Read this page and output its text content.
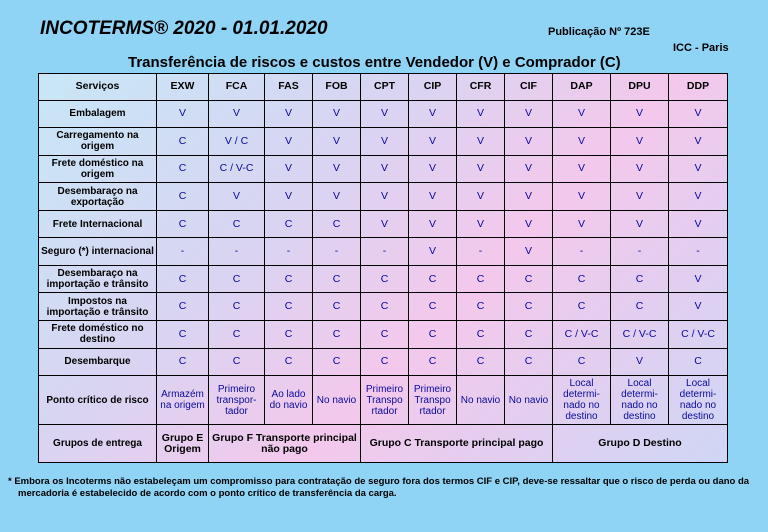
INCOTERMS® 2020 - 01.01.2020	Publicação Nº 723E
ICC - Paris
Transferência de riscos e custos entre Vendedor (V) e Comprador (C)
Serviços	EXW	FCA	FAS	FOB	CPT	CIP	CFR	CIF	DAP	DPU	DDP
Embalagem	V	V	V	V	V	V	V	V	V	V	V
Carregamento na origem	C	V / C	V	V	V	V	V	V	V	V	V
Frete doméstico na origem	C	C / V-C	V	V	V	V	V	V	V	V	V
Desembaraço na exportação	C	V	V	V	V	V	V	V	V	V	V
Frete Internacional	C	C	C	C	V	V	V	V	V	V	V
Seguro (*) internacional	-	-	-	-	-	V	-	V	-	-	-
Desembaraço na importação e trânsito	C	C	C	C	C	C	C	C	C	C	V
Impostos na importação e trânsito	C	C	C	C	C	C	C	C	C	C	V
Frete doméstico no destino	C	C	C	C	C	C	C	C	C / V-C	C / V-C	C / V-C
Desembarque	C	C	C	C	C	C	C	C	C	V	C
Ponto crítico de risco	Armazém na origem	Primeiro transpor-tador	Ao lado do navio	No navio	Primeiro Transpo rtador	Primeiro Transpo rtador	No navio	No navio	Local determi-nado no destino	Local determi-nado no destino	Local determi-nado no destino
Grupos de entrega	Grupo E Origem	Grupo F Transporte principal não pago			Grupo C Transporte principal pago				Grupo D Destino		
* Embora os Incoterms não estabeleçam um compromisso para contratação de seguro fora dos termos CIF e CIP, deve-se ressaltar que o risco de perda ou dano da mercadoria é estabelecido de acordo com o ponto crítico de transferência da carga.
